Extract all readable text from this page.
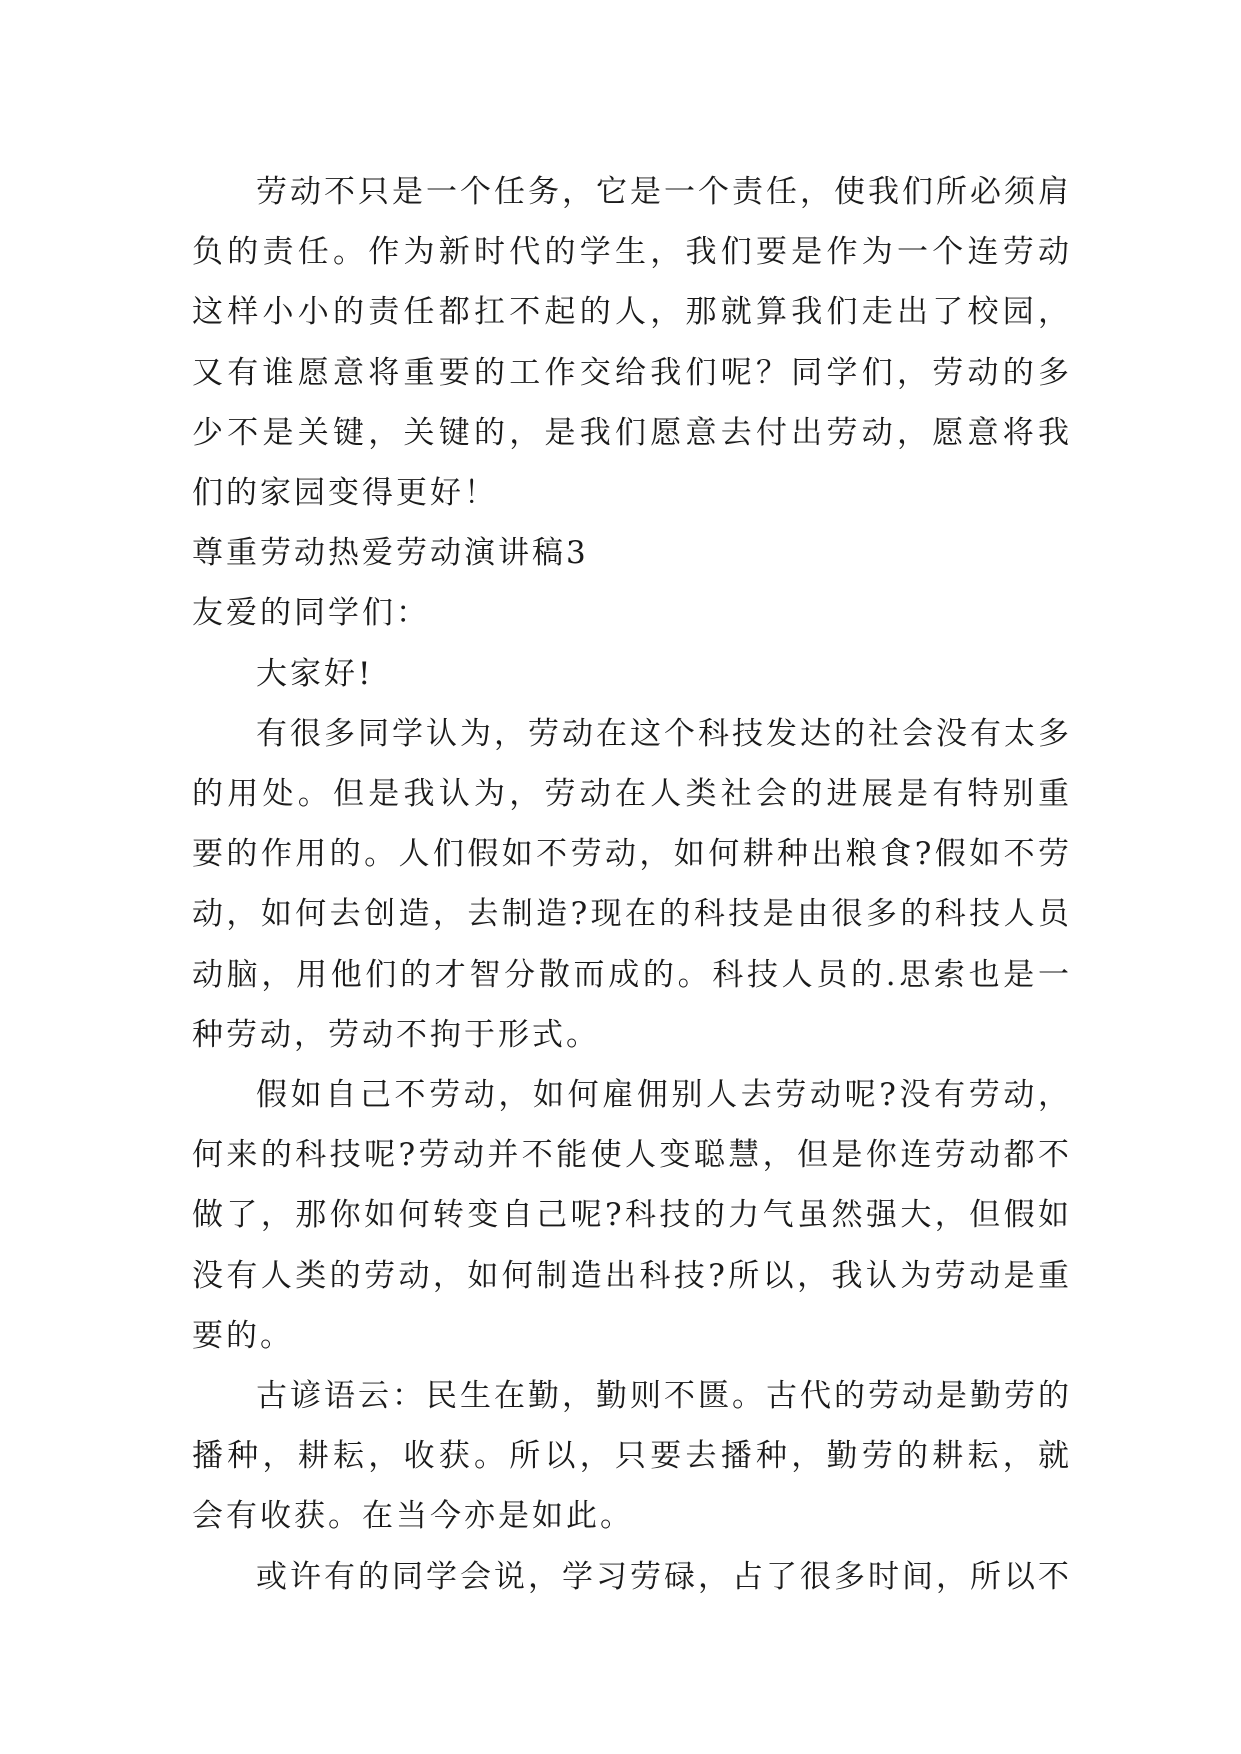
劳动不只是一个任务，它是一个责任，使我们所必须肩负的责任。作为新时代的学生，我们要是作为一个连劳动这样小小的责任都扛不起的人，那就算我们走出了校园，又有谁愿意将重要的工作交给我们呢？同学们，劳动的多少不是关键，关键的，是我们愿意去付出劳动，愿意将我们的家园变得更好！

尊重劳动热爱劳动演讲稿3

友爱的同学们：

大家好!

有很多同学认为，劳动在这个科技发达的社会没有太多的用处。但是我认为，劳动在人类社会的进展是有特别重要的作用的。人们假如不劳动，如何耕种出粮食?假如不劳动，如何去创造，去制造?现在的科技是由很多的科技人员动脑，用他们的才智分散而成的。科技人员的.思索也是一种劳动，劳动不拘于形式。

假如自己不劳动，如何雇佣别人去劳动呢?没有劳动，何来的科技呢?劳动并不能使人变聪慧，但是你连劳动都不做了，那你如何转变自己呢?科技的力气虽然强大，但假如没有人类的劳动，如何制造出科技?所以，我认为劳动是重要的。

古谚语云：民生在勤，勤则不匮。古代的劳动是勤劳的播种，耕耘，收获。所以，只要去播种，勤劳的耕耘，就会有收获。在当今亦是如此。

或许有的同学会说，学习劳碌，占了很多时间，所以不
